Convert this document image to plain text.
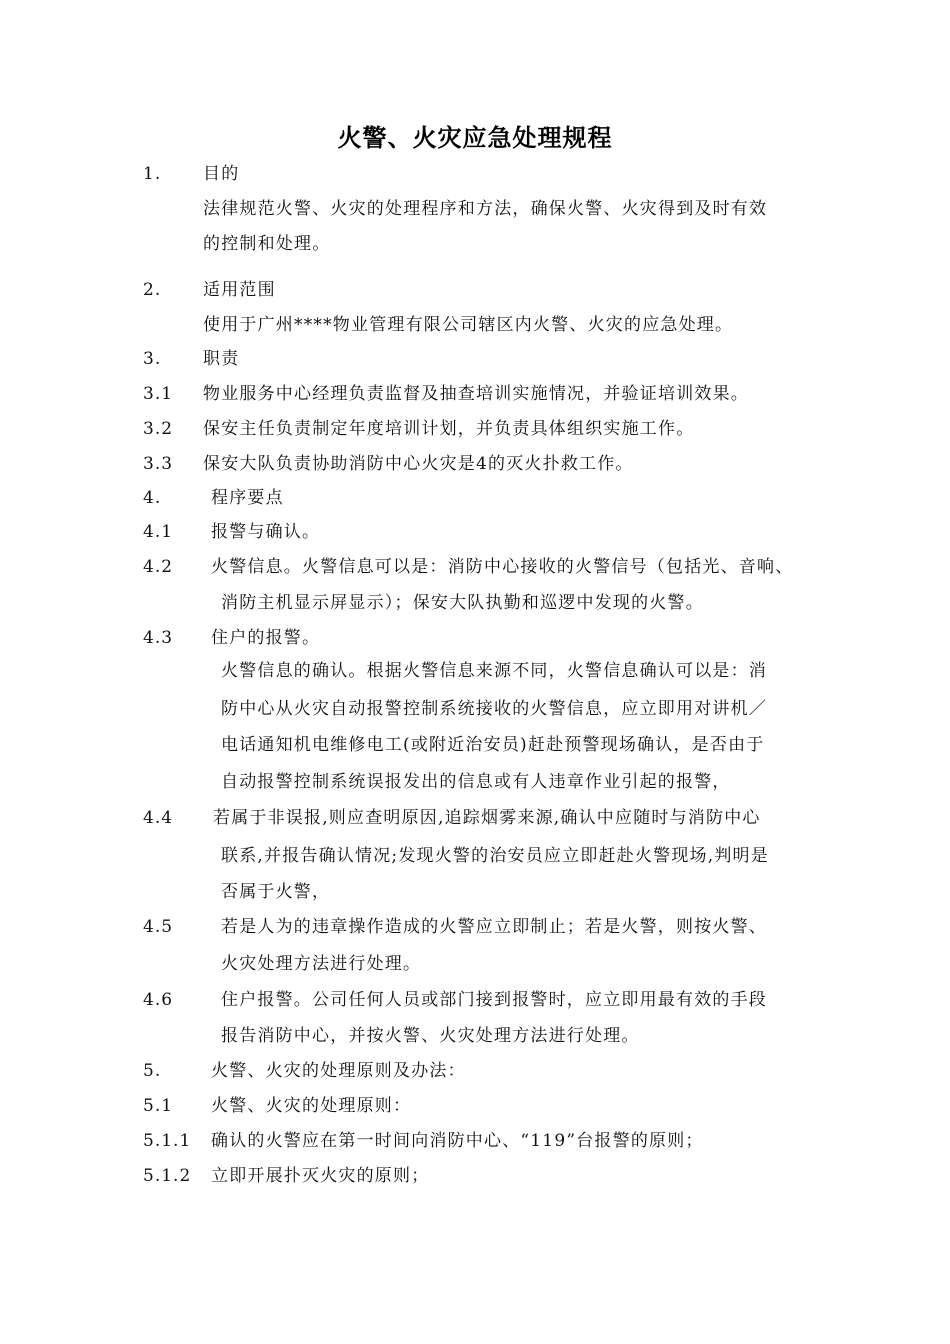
火警、火灾应急处理规程
1. 目的
法律规范火警、火灾的处理程序和方法，确保火警、火灾得到及时有效
的控制和处理。
2. 适用范围
使用于广州****物业管理有限公司辖区内火警、火灾的应急处理。
3. 职责
3.1 物业服务中心经理负责监督及抽查培训实施情况，并验证培训效果。
3.2 保安主任负责制定年度培训计划，并负责具体组织实施工作。
3.3 保安大队负责协助消防中心火灾是4的灭火扑救工作。
4.	程序要点
4.1 报警与确认。
4.2 火警信息。火警信息可以是：消防中心接收的火警信号（包括光、音响、
消防主机显示屏显示）；保安大队执勤和巡逻中发现的火警。
4.3 住户的报警。
火警信息的确认。根据火警信息来源不同，火警信息确认可以是：消
防中心从火灾自动报警控制系统接收的火警信息，应立即用对讲机／
电话通知机电维修电工(或附近治安员)赶赴预警现场确认，是否由于
自动报警控制系统误报发出的信息或有人违章作业引起的报警，
4.4 若属于非误报,则应查明原因,追踪烟雾来源,确认中应随时与消防中心
联系,并报告确认情况;发现火警的治安员应立即赶赴火警现场,判明是
否属于火警，
4.5	若是人为的违章操作造成的火警应立即制止；若是火警，则按火警、
火灾处理方法进行处理。
4.6	住户报警。公司任何人员或部门接到报警时，应立即用最有效的手段
报告消防中心，并按火警、火灾处理方法进行处理。
5.	火警、火灾的处理原则及办法：
5.1 火警、火灾的处理原则：
5.1.1 确认的火警应在第一时间向消防中心、“119”台报警的原则；
5.1.2 立即开展扑灭火灾的原则；
